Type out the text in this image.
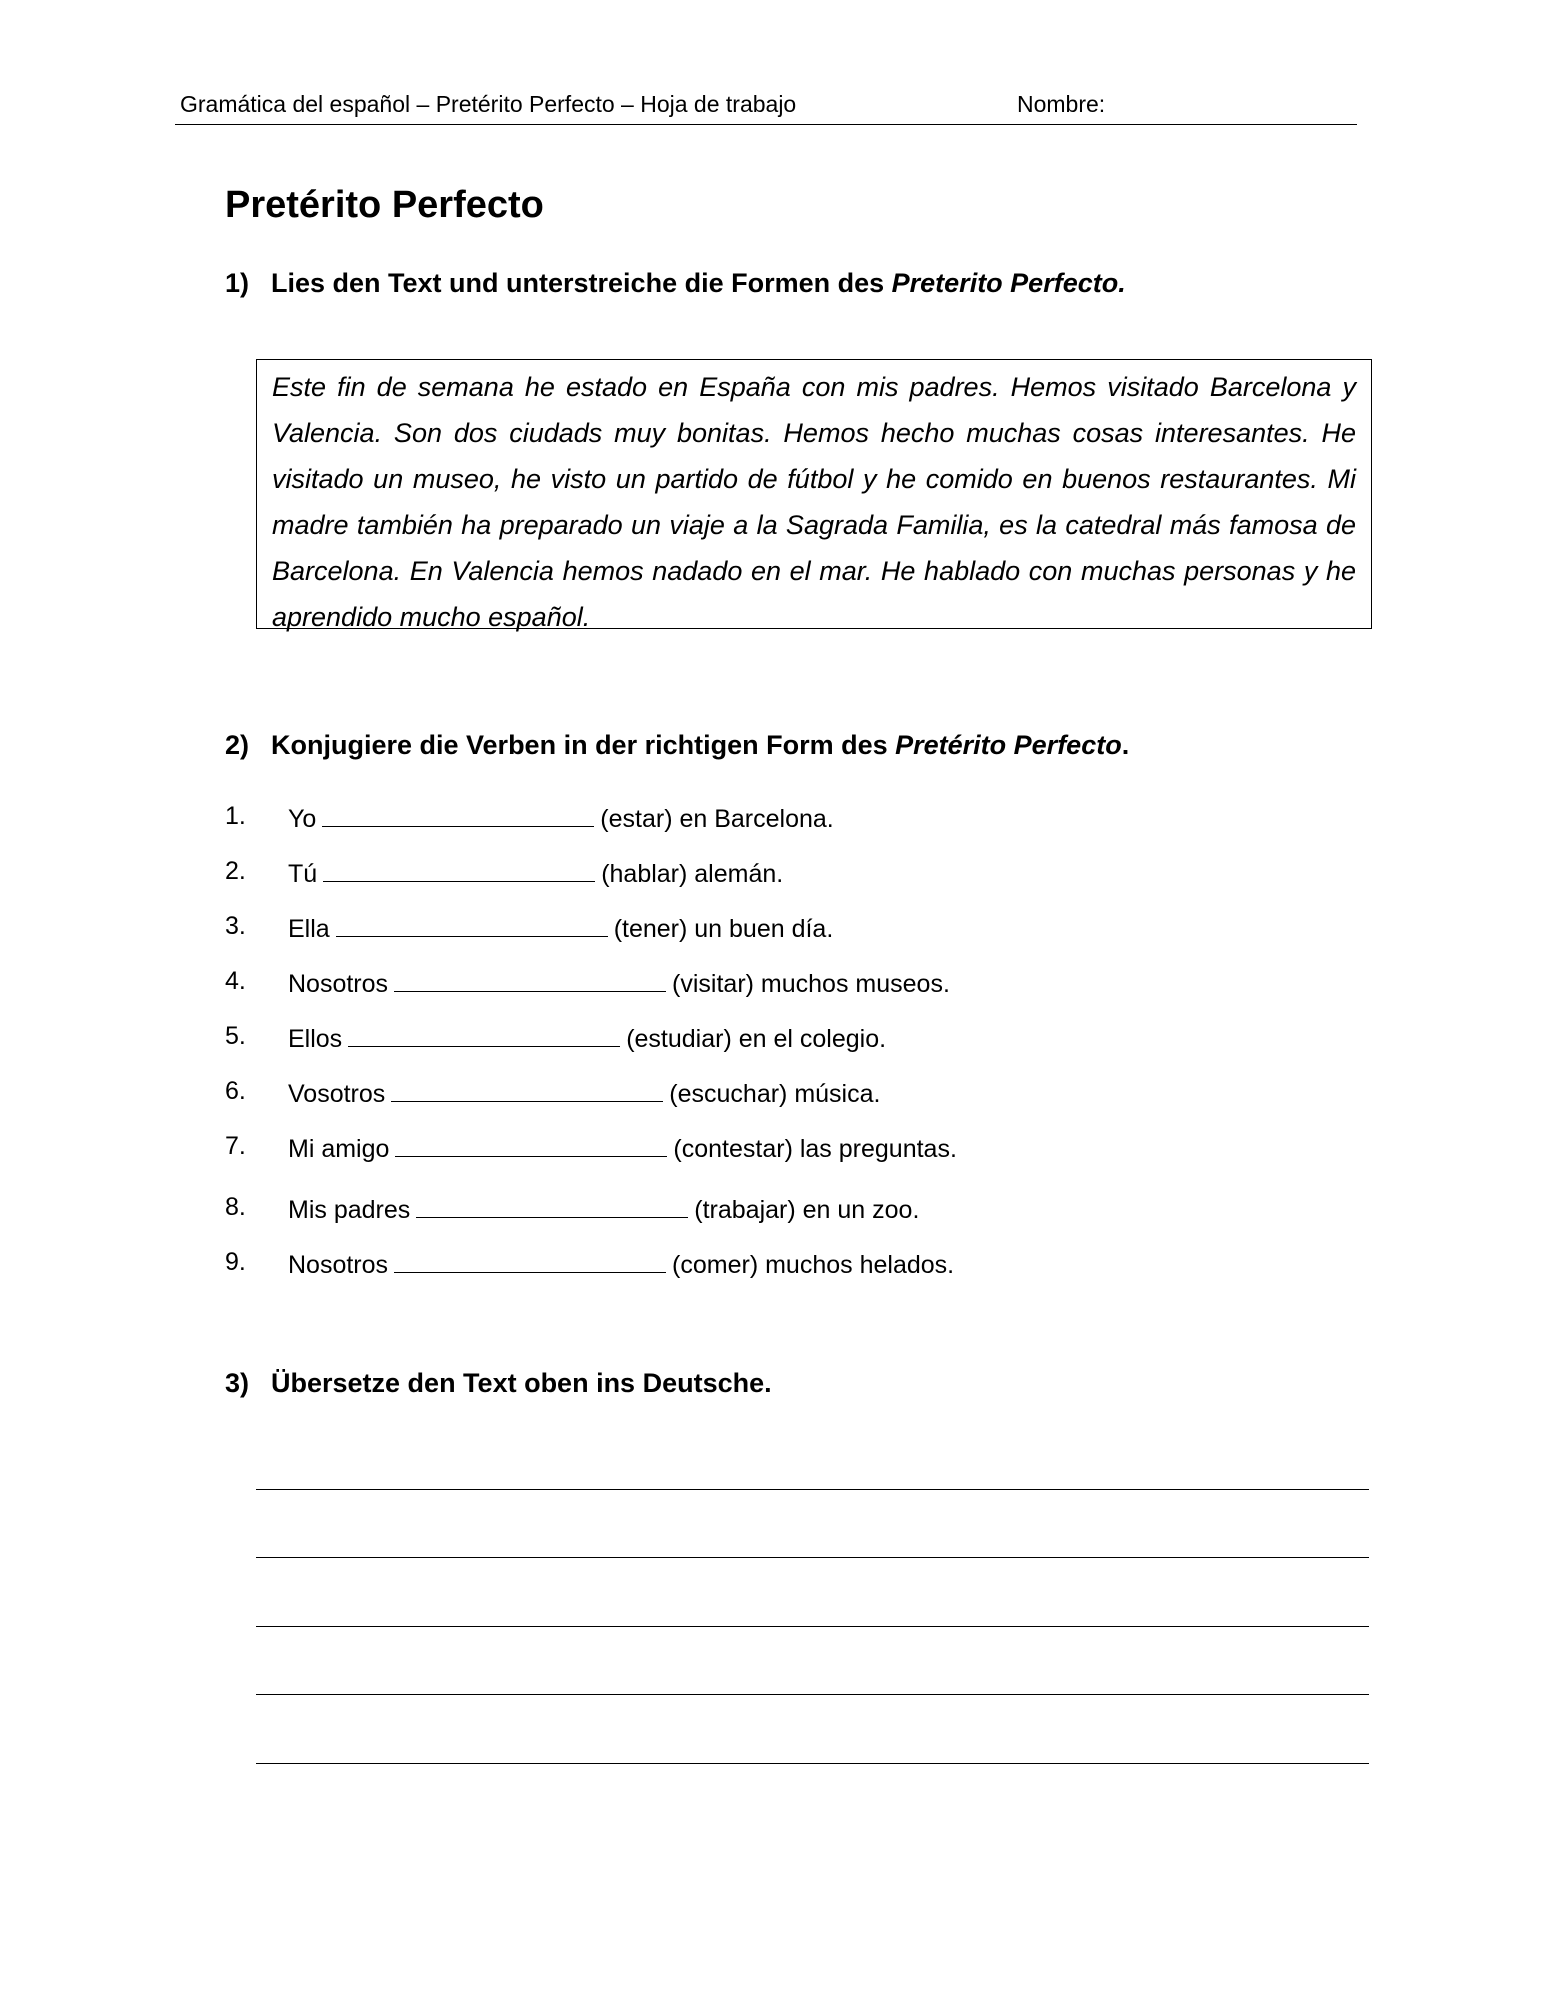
Gramática del español – Pretérito Perfecto – Hoja de trabajo	Nombre:
Pretérito Perfecto
1) Lies den Text und unterstreiche die Formen des Preterito Perfecto.
Este fin de semana he estado en España con mis padres. Hemos visitado Barcelona y Valencia. Son dos ciudads muy bonitas. Hemos hecho muchas cosas interesantes. He visitado un museo, he visto un partido de fútbol y he comido en buenos restaurantes. Mi madre también ha preparado un viaje a la Sagrada Familia, es la catedral más famosa de Barcelona. En Valencia hemos nadado en el mar. He hablado con muchas personas y he aprendido mucho español.
2) Konjugiere die Verben in der richtigen Form des Pretérito Perfecto.
1.	Yo	(estar) en Barcelona.
2.	Tú	(hablar) alemán.
3.	Ella	(tener) un buen día.
4.	Nosotros	(visitar) muchos museos.
5.	Ellos	(estudiar) en el colegio.
6.	Vosotros	(escuchar) música.
7.	Mi amigo	(contestar) las preguntas.
8.	Mis padres	(trabajar) en un zoo.
9.	Nosotros	(comer) muchos helados.
3) Übersetze den Text oben ins Deutsche.
